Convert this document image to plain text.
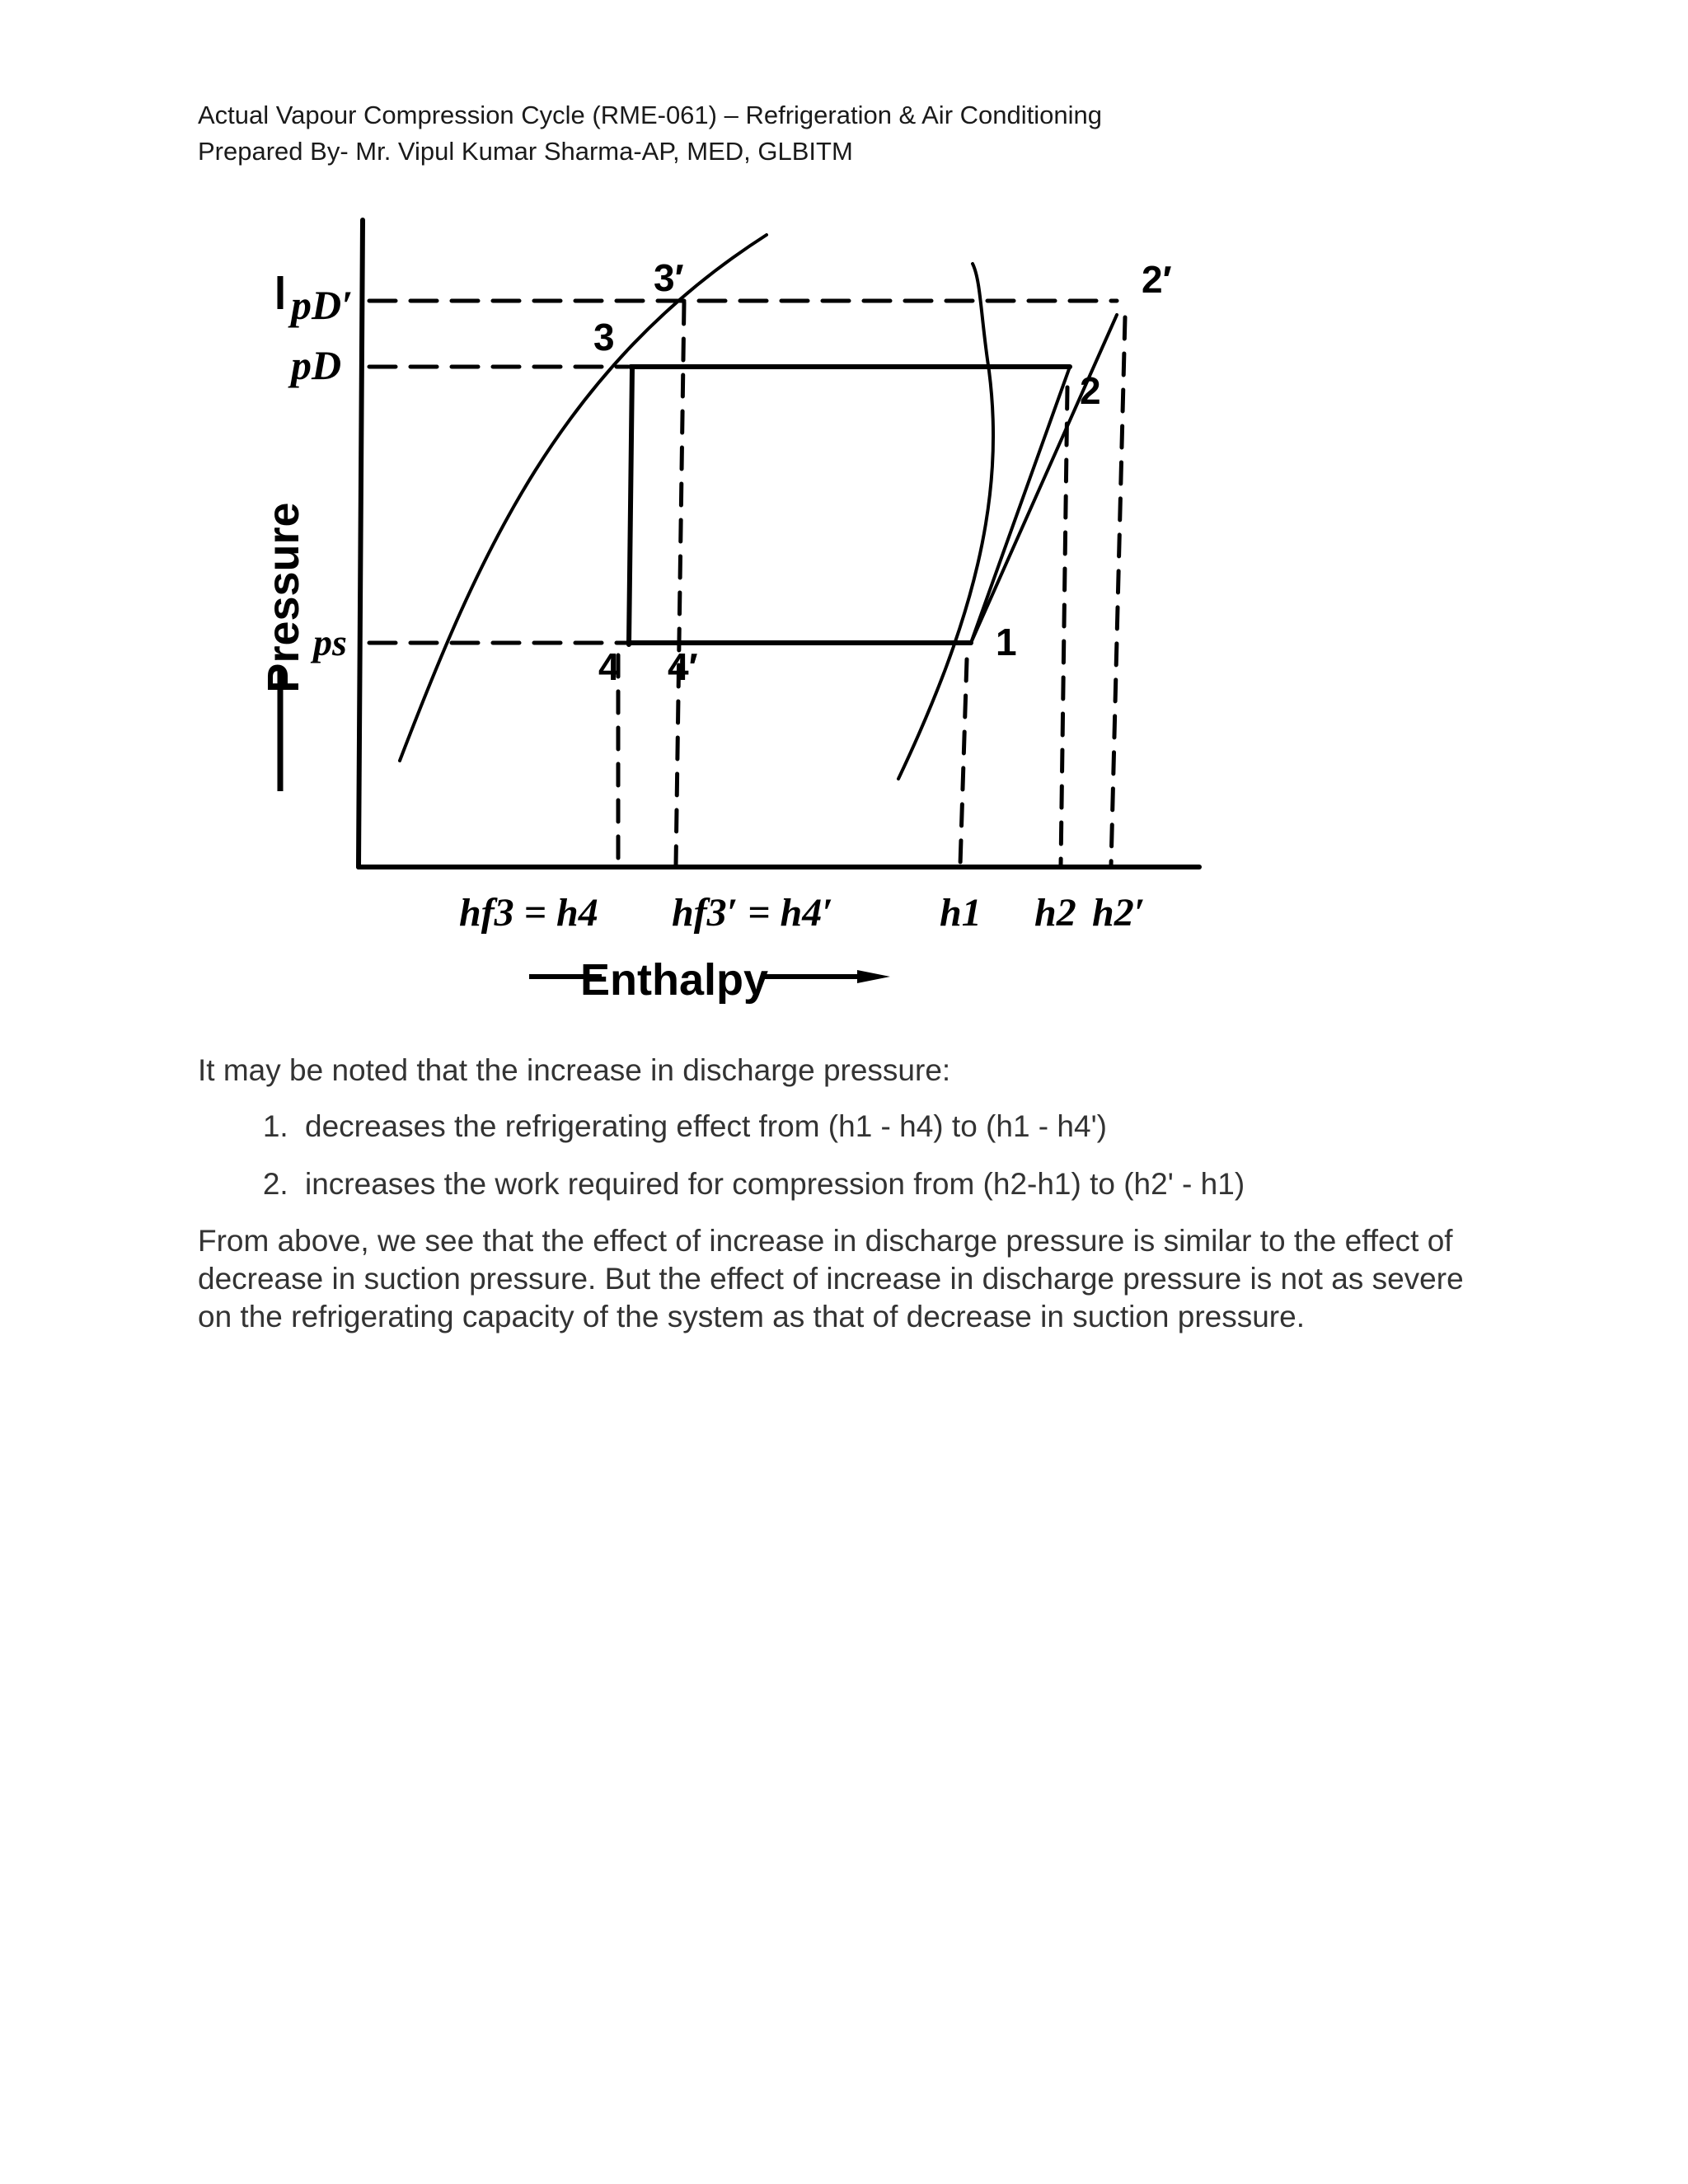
Actual Vapour Compression Cycle (RME-061) – Refrigeration & Air Conditioning
Prepared By- Mr. Vipul Kumar Sharma-AP, MED, GLBITM
Pressure
Enthalpy
pD′
pD
ps
3′
3
2′
2
1
4 4′
hf3 = h4 hf3′ = h4′	h1 h2 h2′

It may be noted that the increase in discharge pressure:

1. decreases the refrigerating effect from (h1 - h4) to (h1 - h4')
2. increases the work required for compression from (h2-h1) to (h2' - h1)

From above, we see that the effect of increase in discharge pressure is similar to the effect of decrease in suction pressure. But the effect of increase in discharge pressure is not as severe on the refrigerating capacity of the system as that of decrease in suction pressure.
